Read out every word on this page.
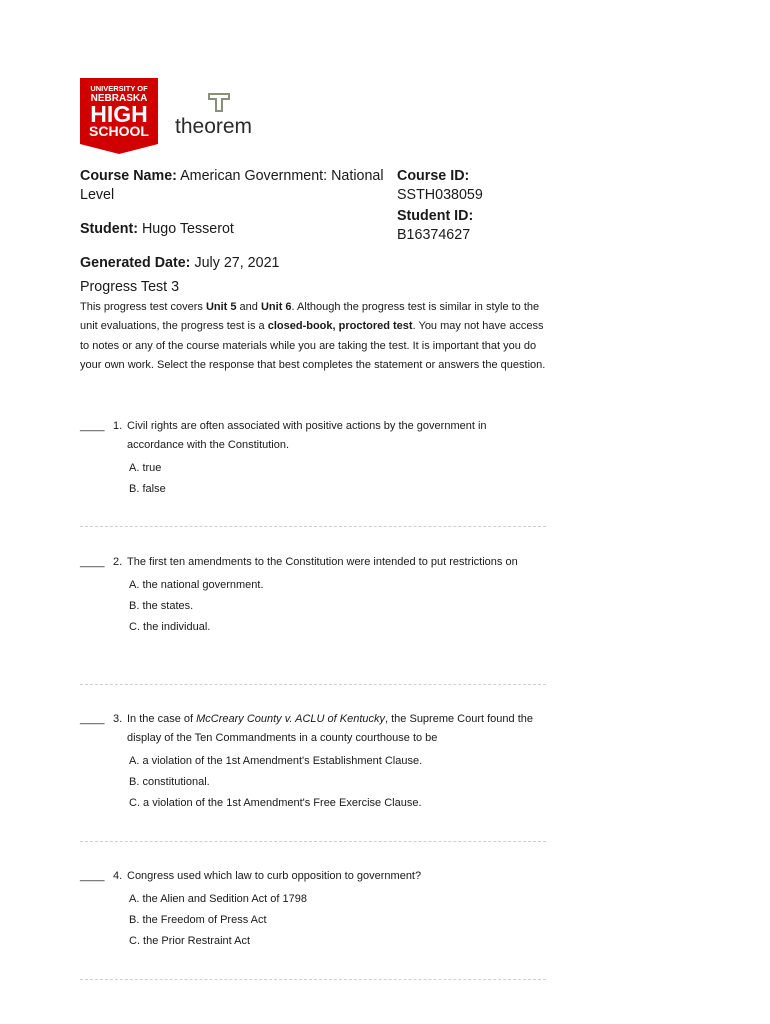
UNIVERSITY OF
NEBRASKA
HIGH
SCHOOL theorem
Course Name: American Government: National Level
Student: Hugo Tesserot
Generated Date: July 27, 2021
Course ID:
SSTH038059
Student ID:
B16374627
Progress Test 3
This progress test covers Unit 5 and Unit 6. Although the progress test is similar in style to the unit evaluations, the progress test is a closed-book, proctored test. You may not have access to notes or any of the course materials while you are taking the test. It is important that you do your own work. Select the response that best completes the statement or answers the question.
____ 1. Civil rights are often associated with positive actions by the government in accordance with the Constitution.
A. true
B. false
____ 2. The first ten amendments to the Constitution were intended to put restrictions on
A. the national government.
B. the states.
C. the individual.
____ 3. In the case of McCreary County v. ACLU of Kentucky, the Supreme Court found the display of the Ten Commandments in a county courthouse to be
A. a violation of the 1st Amendment's Establishment Clause.
B. constitutional.
C. a violation of the 1st Amendment's Free Exercise Clause.
____ 4. Congress used which law to curb opposition to government?
A. the Alien and Sedition Act of 1798
B. the Freedom of Press Act
C. the Prior Restraint Act
